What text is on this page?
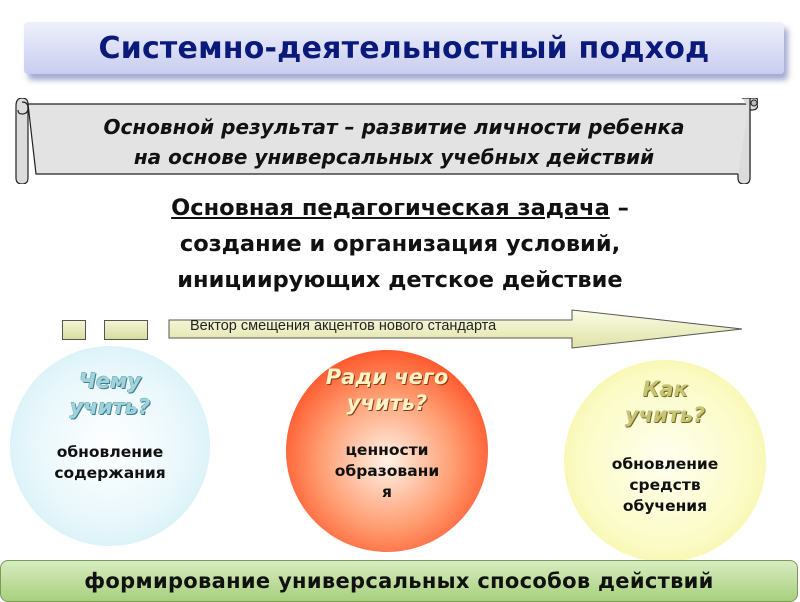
Системно-деятельностный подход
Основной результат – развитие личности ребенка
на основе универсальных учебных действий
Основная педагогическая задача –
создание и организация условий,
инициирующих детское действие
Вектор смещения акцентов нового стандарта
Чему
учить?
обновление
содержания
Ради чего
учить?
ценности
образовани
я
Как
учить?
обновление
средств
обучения
формирование универсальных способов действий
